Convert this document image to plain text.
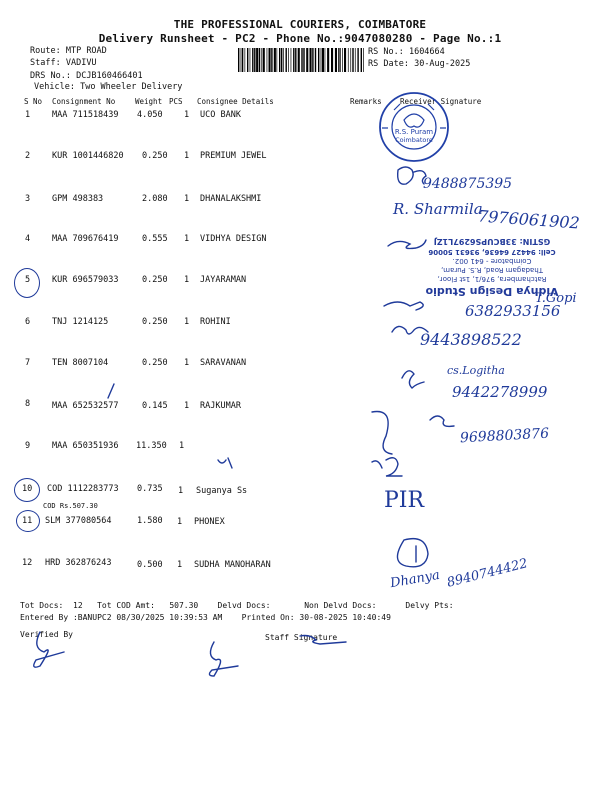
THE PROFESSIONAL COURIERS, COIMBATORE
Delivery Runsheet - PC2 - Phone No.:9047080280 - Page No.:1
Route: MTP ROAD
Staff: VADIVU
DRS No.: DCJB160466401
Vehicle: Two Wheeler Delivery
RS No.: 1604664
RS Date: 30-Aug-2025
S No Consignment No	Weight PCS Consignee Details	Remarks Receiver Signature
1	MAA 711518439 4.050	1 UCO BANK
2	KUR 1001446820 0.250 1 PREMIUM JEWEL
3	GPM 498383	2.080 1 DHANALAKSHMI
4	MAA 709676419	0.555 1 VIDHYA DESIGN
5	KUR 696579033	0.250 1 JAYARAMAN
6	TNJ 1214125	0.250 1 ROHINI
7	TEN 8007104	0.250 1 SARAVANAN
8	MAA 652532577	0.145 1 RAJKUMAR
9	MAA 650351936 11.350 1
10 COD 1112283773 0.735 1 Suganya Ss
COD Rs.507.30
11 SLM 377080564	1.580 1 PHONEX
12 HRD 362876243	0.500 1 SUDHA MANOHARAN
Tot Docs: 12 Tot COD Amt: 507.30 Delvd Docs:	Non Delvd Docs:	Delvy Pts:
Entered By :BANUPC2 08/30/2025 10:39:53 AM Printed On: 30-08-2025 10:40:49
Verified By	Staff Signature
R.S. Puram
Coimbatore
Vidhya Design Studio
Ratchambera, 976/1, 1st Floor,
Thadagam Road, R.S. Puram,
Coimbatore - 641 002.
Cell: 94427 64636, 93631 50006
GSTIN: 33BCUPS6297L1ZJ
9488875395
R. Sharmila
7976061902
T.Gopi
6382933156
9443898522
cs.Logitha
9442278999
9698803876
PIR
Dhanya 8940744422
